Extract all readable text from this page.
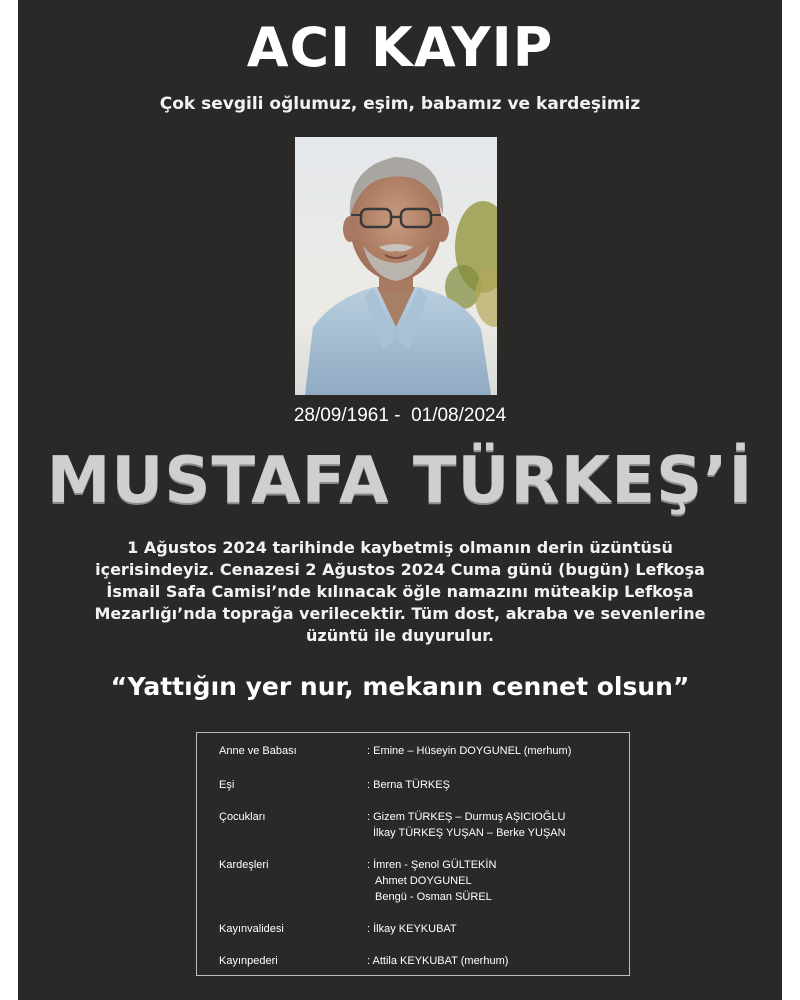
ACI KAYIP
Çok sevgili oğlumuz, eşim, babamız ve kardeşimiz
28/09/1961 -  01/08/2024
MUSTAFA TÜRKEŞ’İ
1 Ağustos 2024 tarihinde kaybetmiş olmanın derin üzüntüsü
içerisindeyiz. Cenazesi 2 Ağustos 2024 Cuma günü (bugün) Lefkoşa
İsmail Safa Camisi’nde kılınacak öğle namazını müteakip Lefkoşa
Mezarlığı’nda toprağa verilecektir. Tüm dost, akraba ve sevenlerine
üzüntü ile duyurulur.
“Yattığın yer nur, mekanın cennet olsun”
Anne ve Babası	: Emine – Hüseyin DOYGUNEL (merhum)
Eşi	: Berna TÜRKEŞ
Çocukları	: Gizem TÜRKEŞ – Durmuş AŞICIOĞLU
İlkay TÜRKEŞ YUŞAN – Berke YUŞAN
Kardeşleri	: İmren - Şenol GÜLTEKİN
Ahmet DOYGUNEL
Bengü - Osman SÜREL
Kayınvalidesi	: İlkay KEYKUBAT
Kayınpederi	: Attila KEYKUBAT (merhum)
